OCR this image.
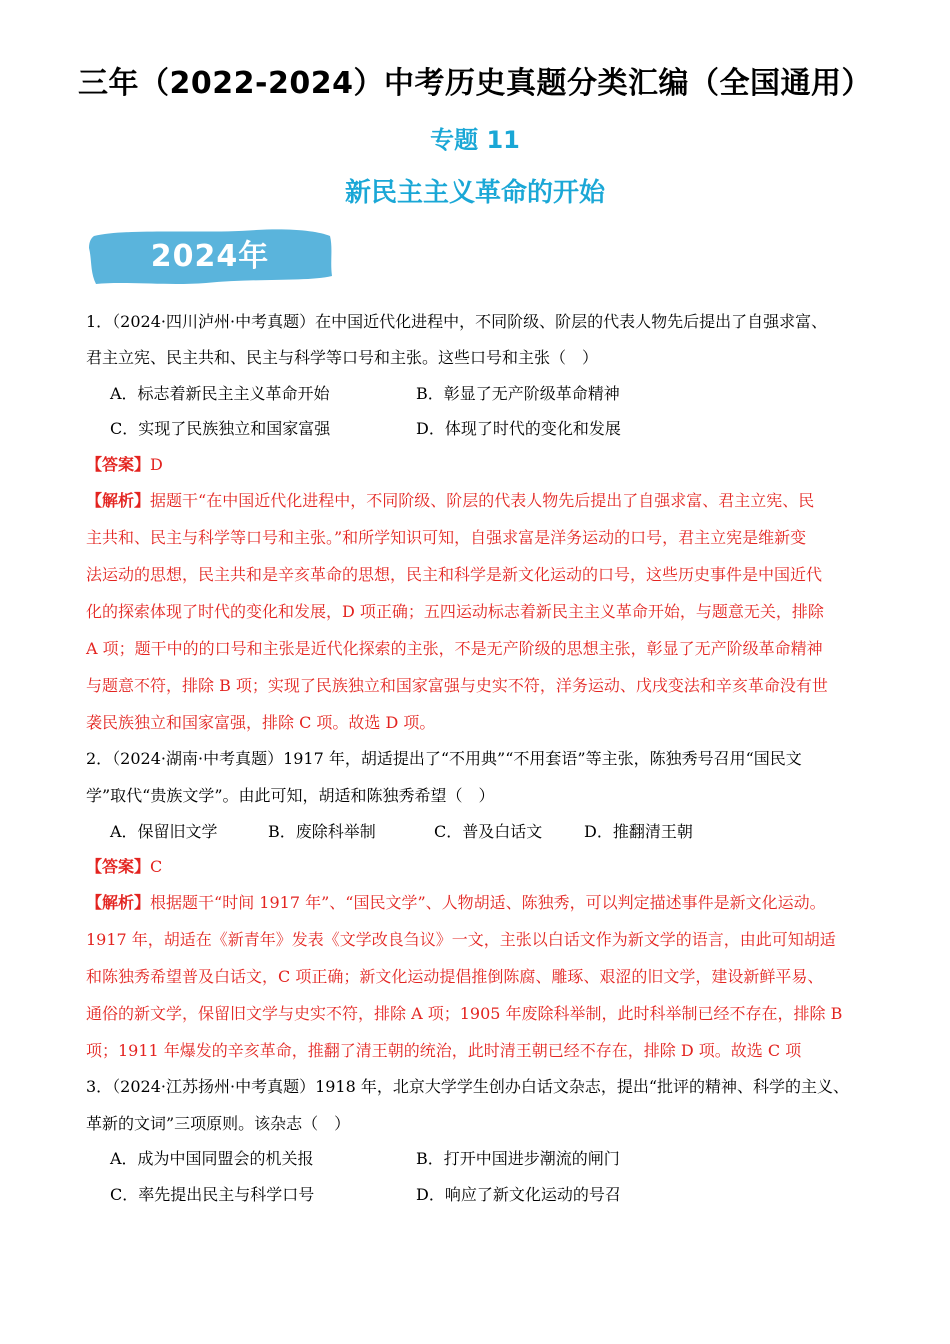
三年（2022-2024）中考历史真题分类汇编（全国通用）
专题 11
新民主主义革命的开始
2024年
1．（2024·四川泸州·中考真题）在中国近代化进程中，不同阶级、阶层的代表人物先后提出了自强求富、
君主立宪、民主共和、民主与科学等口号和主张。这些口号和主张（　）
A．标志着新民主主义革命开始	B．彰显了无产阶级革命精神
C．实现了民族独立和国家富强	D．体现了时代的变化和发展
【答案】D
【解析】据题干“在中国近代化进程中，不同阶级、阶层的代表人物先后提出了自强求富、君主立宪、民
主共和、民主与科学等口号和主张。”和所学知识可知，自强求富是洋务运动的口号，君主立宪是维新变
法运动的思想，民主共和是辛亥革命的思想，民主和科学是新文化运动的口号，这些历史事件是中国近代
化的探索体现了时代的变化和发展，D 项正确；五四运动标志着新民主主义革命开始，与题意无关，排除
A 项；题干中的的口号和主张是近代化探索的主张，不是无产阶级的思想主张，彰显了无产阶级革命精神
与题意不符，排除 B 项；实现了民族独立和国家富强与史实不符，洋务运动、戊戌变法和辛亥革命没有世
袭民族独立和国家富强，排除 C 项。故选 D 项。
2．（2024·湖南·中考真题）1917 年，胡适提出了“不用典”“不用套语”等主张，陈独秀号召用“国民文
学”取代“贵族文学”。由此可知，胡适和陈独秀希望（　）
A．保留旧文学	B．废除科举制	C．普及白话文	D．推翻清王朝
【答案】C
【解析】根据题干“时间 1917 年”、“国民文学”、人物胡适、陈独秀，可以判定描述事件是新文化运动。
1917 年，胡适在《新青年》发表《文学改良刍议》一文，主张以白话文作为新文学的语言，由此可知胡适
和陈独秀希望普及白话文，C 项正确；新文化运动提倡推倒陈腐、雕琢、艰涩的旧文学，建设新鲜平易、
通俗的新文学，保留旧文学与史实不符，排除 A 项；1905 年废除科举制，此时科举制已经不存在，排除 B
项；1911 年爆发的辛亥革命，推翻了清王朝的统治，此时清王朝已经不存在，排除 D 项。故选 C 项
3．（2024·江苏扬州·中考真题）1918 年，北京大学学生创办白话文杂志，提出“批评的精神、科学的主义、
革新的文词”三项原则。该杂志（　）
A．成为中国同盟会的机关报	B．打开中国进步潮流的闸门
C．率先提出民主与科学口号	D．响应了新文化运动的号召
